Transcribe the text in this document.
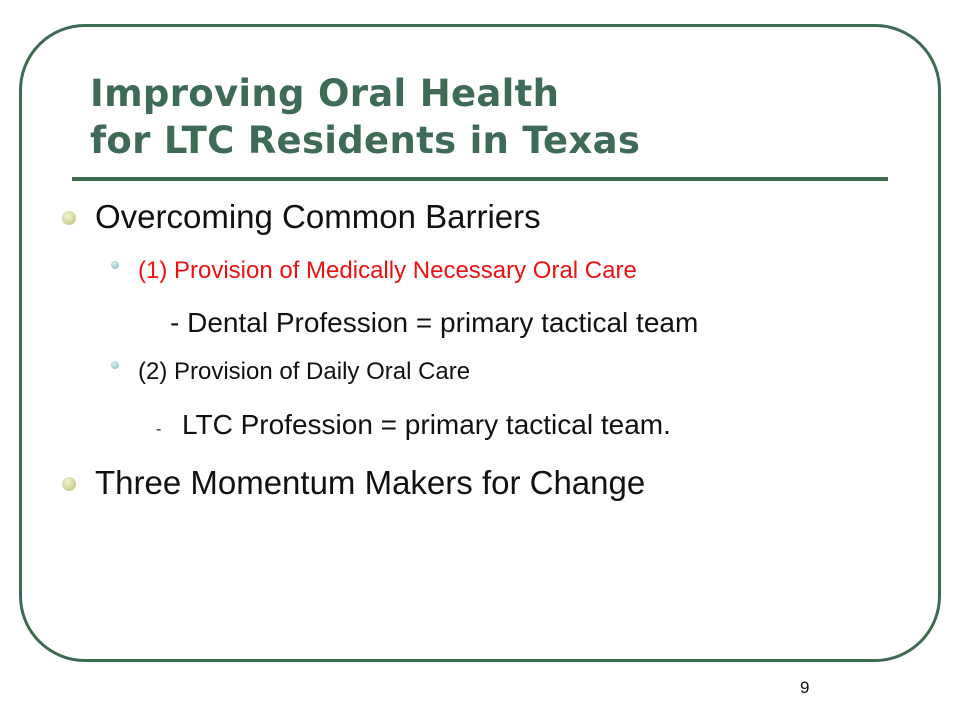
Improving Oral Health
for LTC Residents in Texas
Overcoming Common Barriers
(1) Provision of Medically Necessary Oral Care
- Dental Profession = primary tactical team
(2) Provision of Daily Oral Care
- LTC Profession = primary tactical team.
Three Momentum Makers for Change
9
